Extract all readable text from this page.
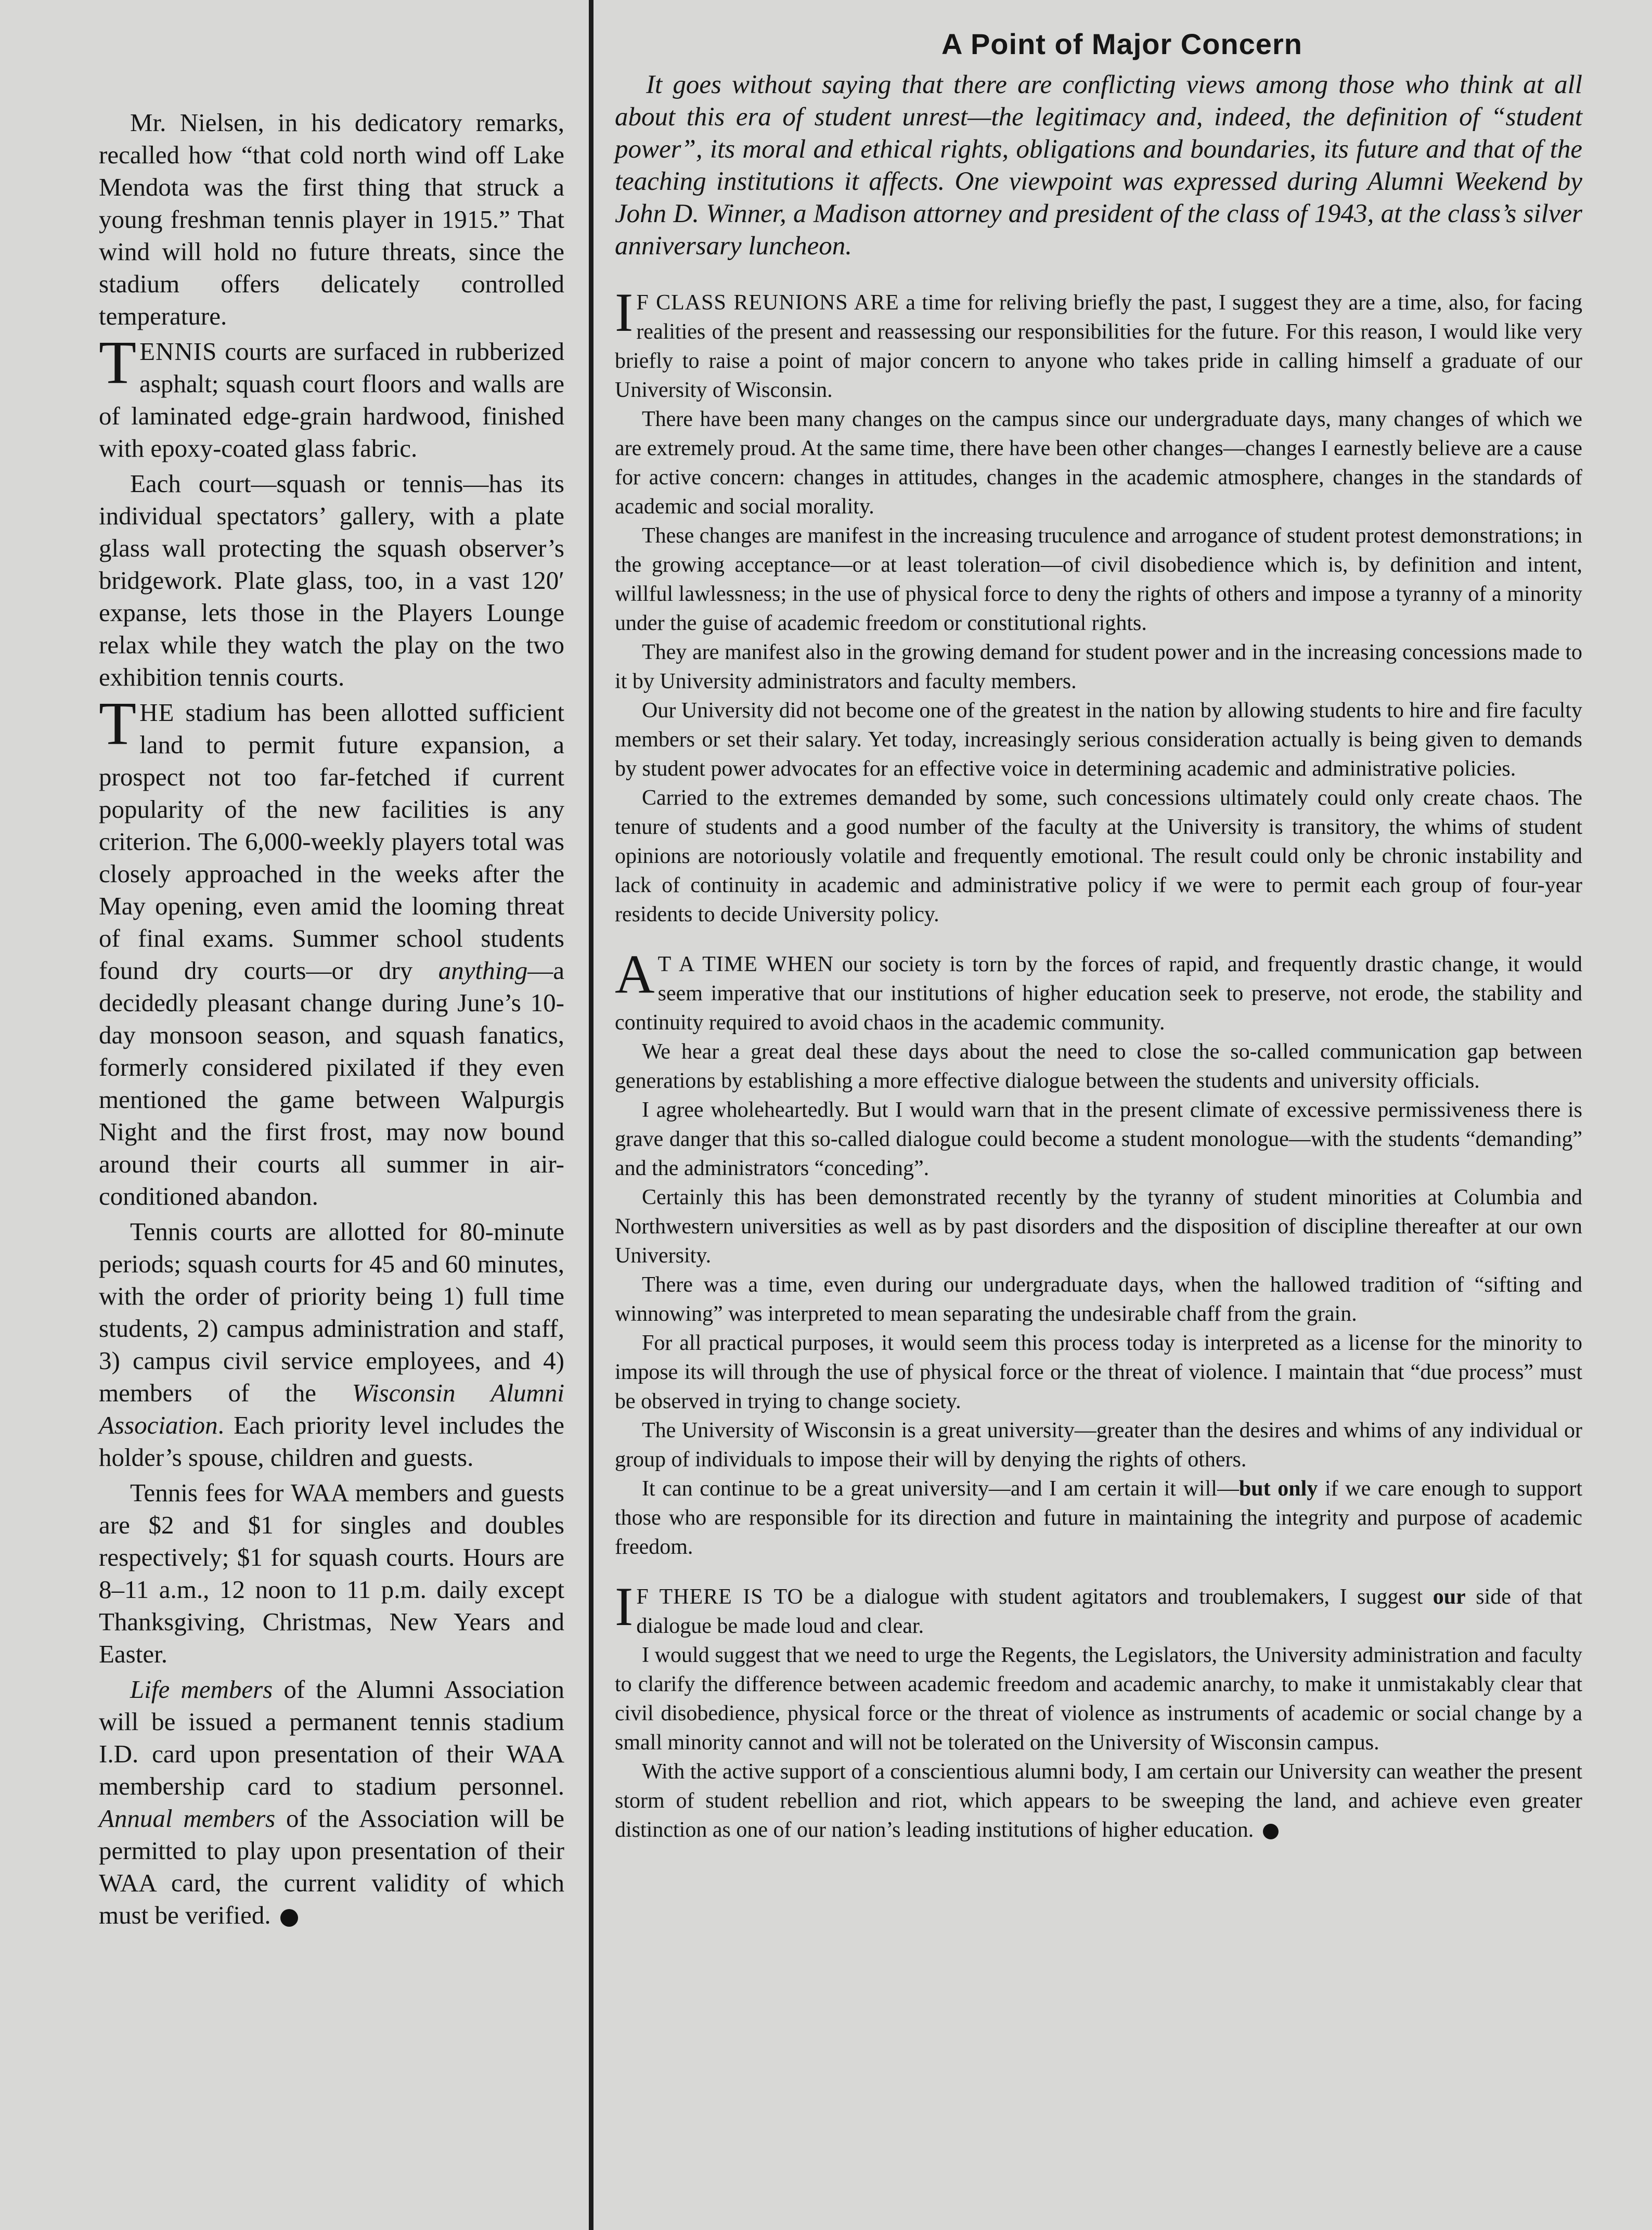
Mr. Nielsen, in his dedicatory remarks, recalled how “that cold north wind off Lake Mendota was the first thing that struck a young freshman tennis player in 1915.” That wind will hold no future threats, since the stadium offers delicately controlled temperature.

TENNIS courts are surfaced in rubberized asphalt; squash court floors and walls are of laminated edge-grain hardwood, finished with epoxy-coated glass fabric.

Each court—squash or tennis—has its individual spectators’ gallery, with a plate glass wall protecting the squash observer’s bridgework. Plate glass, too, in a vast 120′ expanse, lets those in the Players Lounge relax while they watch the play on the two exhibition tennis courts.

THE stadium has been allotted sufficient land to permit future expansion, a prospect not too far-fetched if current popularity of the new facilities is any criterion. The 6,000-weekly players total was closely approached in the weeks after the May opening, even amid the looming threat of final exams. Summer school students found dry courts—or dry anything—a decidedly pleasant change during June’s 10-day monsoon season, and squash fanatics, formerly considered pixilated if they even mentioned the game between Walpurgis Night and the first frost, may now bound around their courts all summer in air-conditioned abandon.

Tennis courts are allotted for 80-minute periods; squash courts for 45 and 60 minutes, with the order of priority being 1) full time students, 2) campus administration and staff, 3) campus civil service employees, and 4) members of the Wisconsin Alumni Association. Each priority level includes the holder’s spouse, children and guests.

Tennis fees for WAA members and guests are $2 and $1 for singles and doubles respectively; $1 for squash courts. Hours are 8–11 a.m., 12 noon to 11 p.m. daily except Thanksgiving, Christmas, New Years and Easter.

Life members of the Alumni Association will be issued a permanent tennis stadium I.D. card upon presentation of their WAA membership card to stadium personnel. Annual members of the Association will be permitted to play upon presentation of their WAA card, the current validity of which must be verified.

A Point of Major Concern

It goes without saying that there are conflicting views among those who think at all about this era of student unrest—the legitimacy and, indeed, the definition of “student power”, its moral and ethical rights, obligations and boundaries, its future and that of the teaching institutions it affects. One viewpoint was expressed during Alumni Weekend by John D. Winner, a Madison attorney and president of the class of 1943, at the class’s silver anniversary luncheon.

I F CLASS REUNIONS ARE a time for reliving briefly the past, I suggest they are a time, also, for facing realities of the present and reassessing our responsibilities for the future. For this reason, I would like very briefly to raise a point of major concern to anyone who takes pride in calling himself a graduate of our University of Wisconsin.

There have been many changes on the campus since our undergraduate days, many changes of which we are extremely proud. At the same time, there have been other changes—changes I earnestly believe are a cause for active concern: changes in attitudes, changes in the academic atmosphere, changes in the standards of academic and social morality.

These changes are manifest in the increasing truculence and arrogance of student protest demonstrations; in the growing acceptance—or at least toleration—of civil disobedience which is, by definition and intent, willful lawlessness; in the use of physical force to deny the rights of others and impose a tyranny of a minority under the guise of academic freedom or constitutional rights.

They are manifest also in the growing demand for student power and in the increasing concessions made to it by University administrators and faculty members.

Our University did not become one of the greatest in the nation by allowing students to hire and fire faculty members or set their salary. Yet today, increasingly serious consideration actually is being given to demands by student power advocates for an effective voice in determining academic and administrative policies.

Carried to the extremes demanded by some, such concessions ultimately could only create chaos. The tenure of students and a good number of the faculty at the University is transitory, the whims of student opinions are notoriously volatile and frequently emotional. The result could only be chronic instability and lack of continuity in academic and administrative policy if we were to permit each group of four-year residents to decide University policy.

A T A TIME WHEN our society is torn by the forces of rapid, and frequently drastic change, it would seem imperative that our institutions of higher education seek to preserve, not erode, the stability and continuity required to avoid chaos in the academic community.

We hear a great deal these days about the need to close the so-called communication gap between generations by establishing a more effective dialogue between the students and university officials.

I agree wholeheartedly. But I would warn that in the present climate of excessive permissiveness there is grave danger that this so-called dialogue could become a student monologue—with the students “demanding” and the administrators “conceding”.

Certainly this has been demonstrated recently by the tyranny of student minorities at Columbia and Northwestern universities as well as by past disorders and the disposition of discipline thereafter at our own University.

There was a time, even during our undergraduate days, when the hallowed tradition of “sifting and winnowing” was interpreted to mean separating the undesirable chaff from the grain.

For all practical purposes, it would seem this process today is interpreted as a license for the minority to impose its will through the use of physical force or the threat of violence. I maintain that “due process” must be observed in trying to change society.

The University of Wisconsin is a great university—greater than the desires and whims of any individual or group of individuals to impose their will by denying the rights of others.

It can continue to be a great university—and I am certain it will—but only if we care enough to support those who are responsible for its direction and future in maintaining the integrity and purpose of academic freedom.

I F THERE IS TO be a dialogue with student agitators and troublemakers, I suggest our side of that dialogue be made loud and clear.

I would suggest that we need to urge the Regents, the Legislators, the University administration and faculty to clarify the difference between academic freedom and academic anarchy, to make it unmistakably clear that civil disobedience, physical force or the threat of violence as instruments of academic or social change by a small minority cannot and will not be tolerated on the University of Wisconsin campus.

With the active support of a conscientious alumni body, I am certain our University can weather the present storm of student rebellion and riot, which appears to be sweeping the land, and achieve even greater distinction as one of our nation’s leading institutions of higher education.
